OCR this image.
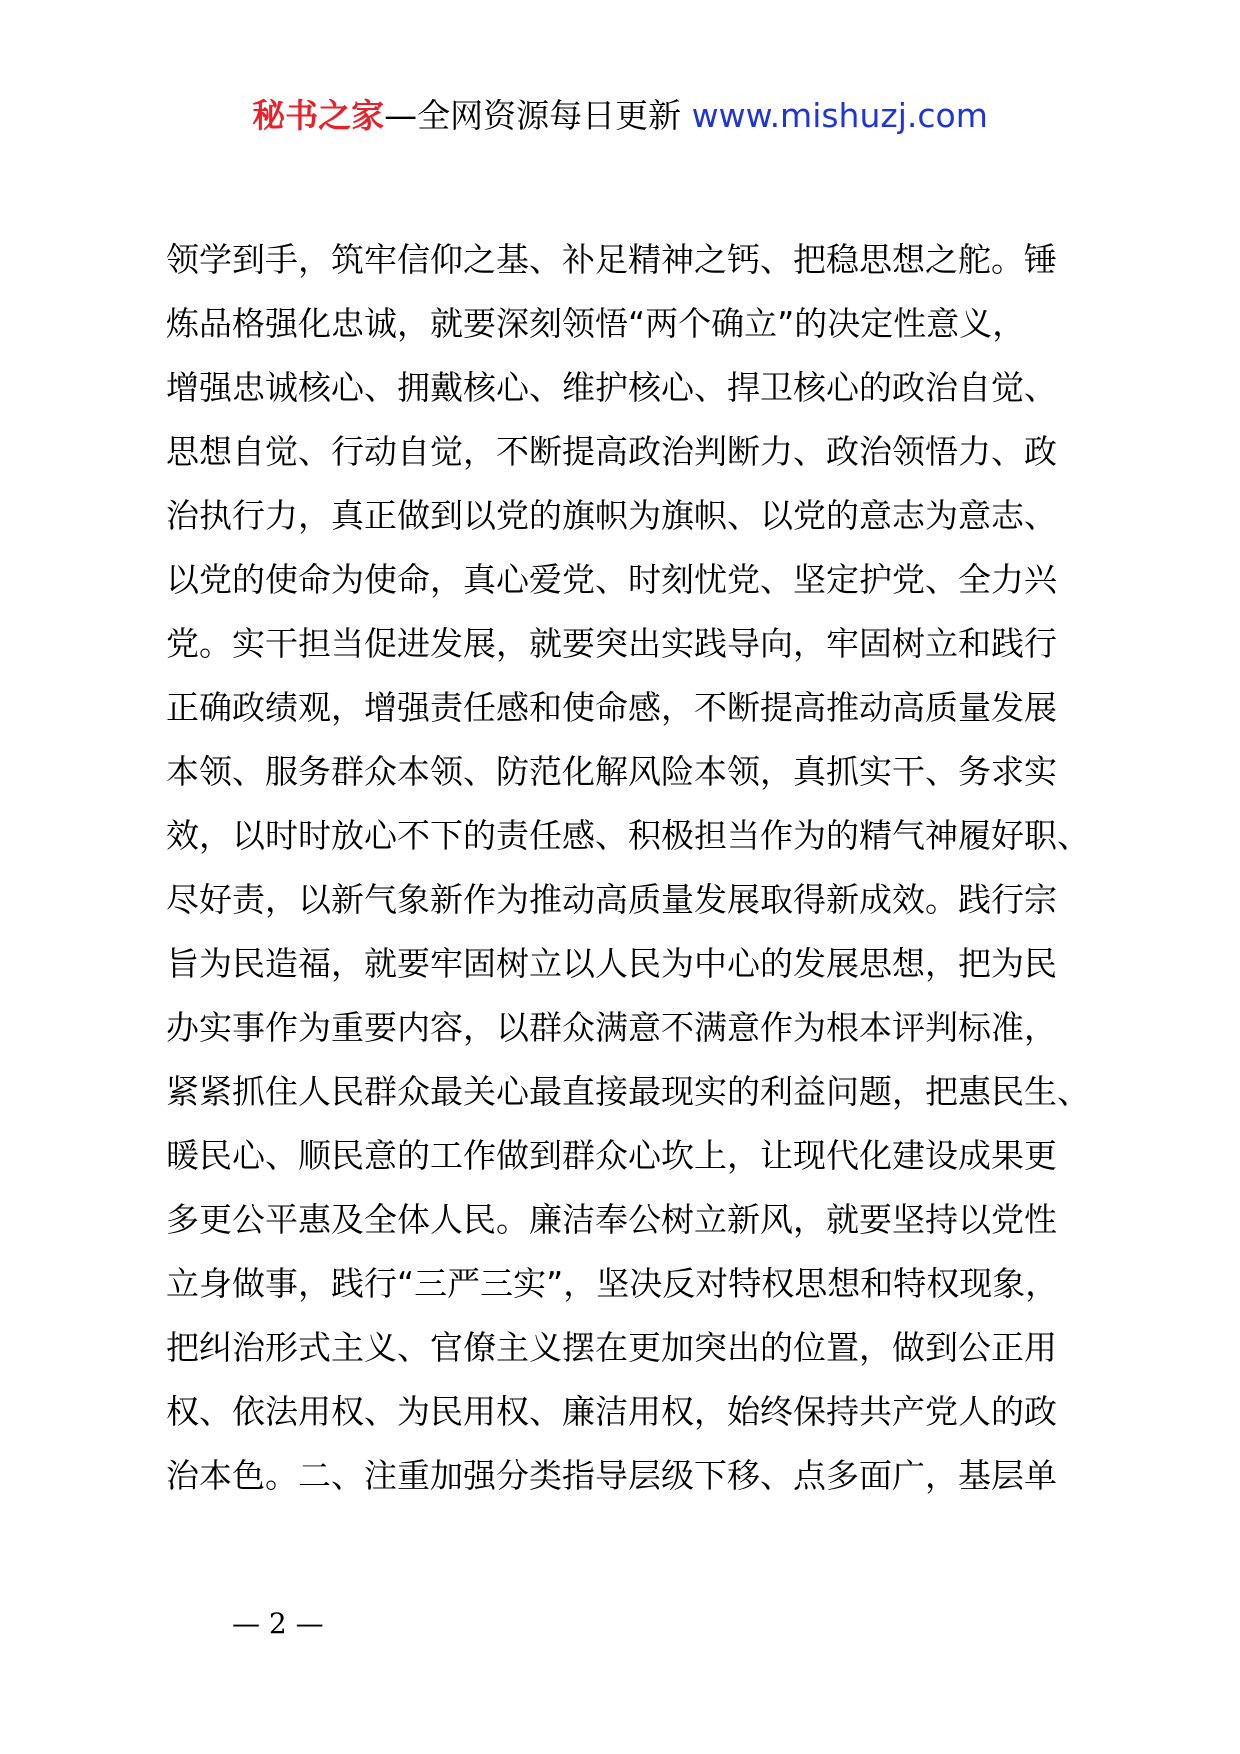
秘书之家—全网资源每日更新 www.mishuzj.com
领学到手，筑牢信仰之基、补足精神之钙、把稳思想之舵。锤
炼品格强化忠诚，就要深刻领悟“两个确立”的决定性意义，
增强忠诚核心、拥戴核心、维护核心、捍卫核心的政治自觉、
思想自觉、行动自觉，不断提高政治判断力、政治领悟力、政
治执行力，真正做到以党的旗帜为旗帜、以党的意志为意志、
以党的使命为使命，真心爱党、时刻忧党、坚定护党、全力兴
党。实干担当促进发展，就要突出实践导向，牢固树立和践行
正确政绩观，增强责任感和使命感，不断提高推动高质量发展
本领、服务群众本领、防范化解风险本领，真抓实干、务求实
效，以时时放心不下的责任感、积极担当作为的精气神履好职、
尽好责，以新气象新作为推动高质量发展取得新成效。践行宗
旨为民造福，就要牢固树立以人民为中心的发展思想，把为民
办实事作为重要内容，以群众满意不满意作为根本评判标准，
紧紧抓住人民群众最关心最直接最现实的利益问题，把惠民生、
暖民心、顺民意的工作做到群众心坎上，让现代化建设成果更
多更公平惠及全体人民。廉洁奉公树立新风，就要坚持以党性
立身做事，践行“三严三实”，坚决反对特权思想和特权现象，
把纠治形式主义、官僚主义摆在更加突出的位置，做到公正用
权、依法用权、为民用权、廉洁用权，始终保持共产党人的政
治本色。二、注重加强分类指导层级下移、点多面广，基层单
— 2 —
